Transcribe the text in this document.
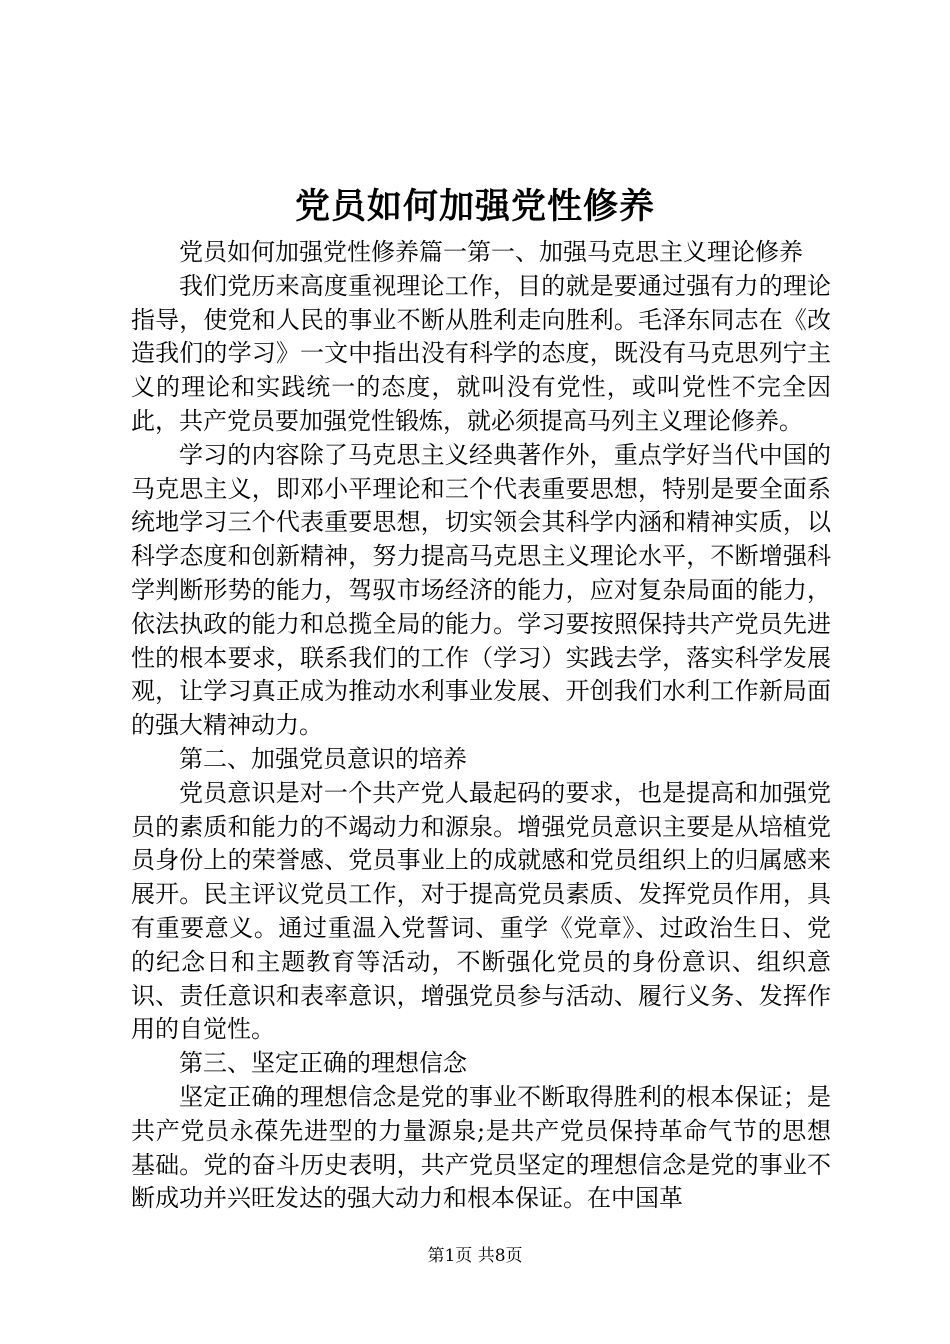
党员如何加强党性修养

党员如何加强党性修养篇一第一、加强马克思主义理论修养

我们党历来高度重视理论工作，目的就是要通过强有力的理论指导，使党和人民的事业不断从胜利走向胜利。毛泽东同志在《改造我们的学习》一文中指出没有科学的态度，既没有马克思列宁主义的理论和实践统一的态度，就叫没有党性，或叫党性不完全因此，共产党员要加强党性锻炼，就必须提高马列主义理论修养。

学习的内容除了马克思主义经典著作外，重点学好当代中国的马克思主义，即邓小平理论和三个代表重要思想，特别是要全面系统地学习三个代表重要思想，切实领会其科学内涵和精神实质，以科学态度和创新精神，努力提高马克思主义理论水平，不断增强科学判断形势的能力，驾驭市场经济的能力，应对复杂局面的能力，依法执政的能力和总揽全局的能力。学习要按照保持共产党员先进性的根本要求，联系我们的工作（学习）实践去学，落实科学发展观，让学习真正成为推动水利事业发展、开创我们水利工作新局面的强大精神动力。

第二、加强党员意识的培养

党员意识是对一个共产党人最起码的要求，也是提高和加强党员的素质和能力的不竭动力和源泉。增强党员意识主要是从培植党员身份上的荣誉感、党员事业上的成就感和党员组织上的归属感来展开。民主评议党员工作，对于提高党员素质、发挥党员作用，具有重要意义。通过重温入党誓词、重学《党章》、过政治生日、党的纪念日和主题教育等活动，不断强化党员的身份意识、组织意识、责任意识和表率意识，增强党员参与活动、履行义务、发挥作用的自觉性。

第三、坚定正确的理想信念

坚定正确的理想信念是党的事业不断取得胜利的根本保证；是共产党员永葆先进型的力量源泉;是共产党员保持革命气节的思想基础。党的奋斗历史表明，共产党员坚定的理想信念是党的事业不断成功并兴旺发达的强大动力和根本保证。在中国革

第1页 共8页
